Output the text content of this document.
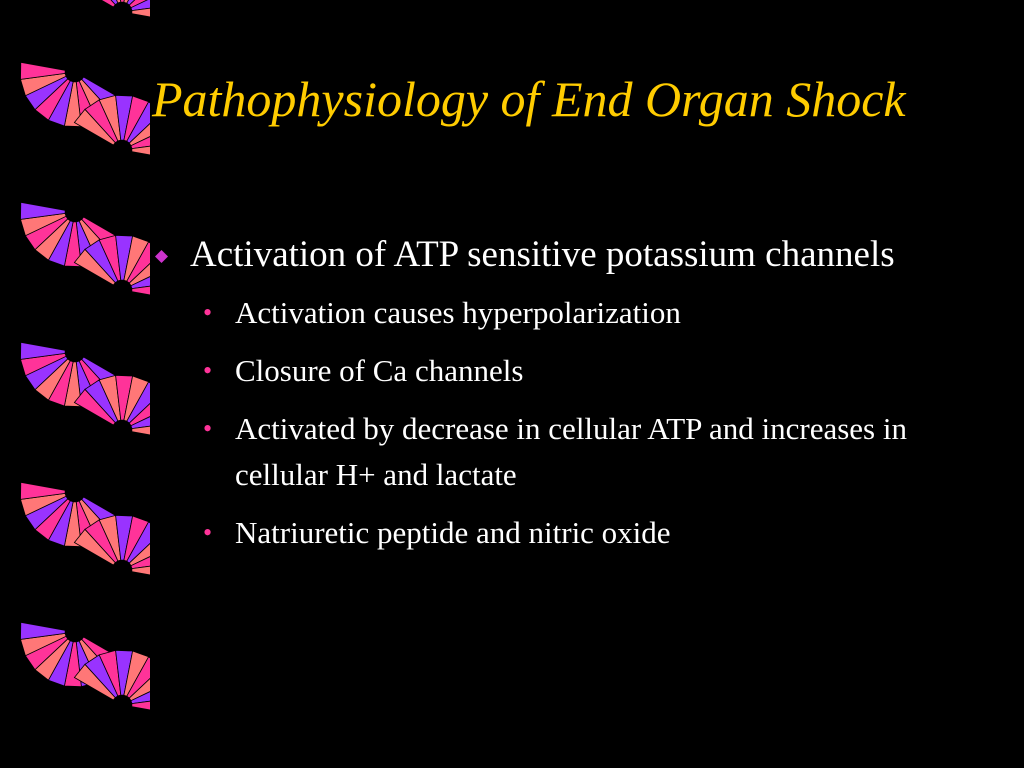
Pathophysiology of End Organ Shock
Activation of ATP sensitive potassium channels
• Activation causes hyperpolarization
• Closure of Ca channels
• Activated by decrease in cellular ATP and increases in cellular H+ and lactate
• Natriuretic peptide and nitric oxide
